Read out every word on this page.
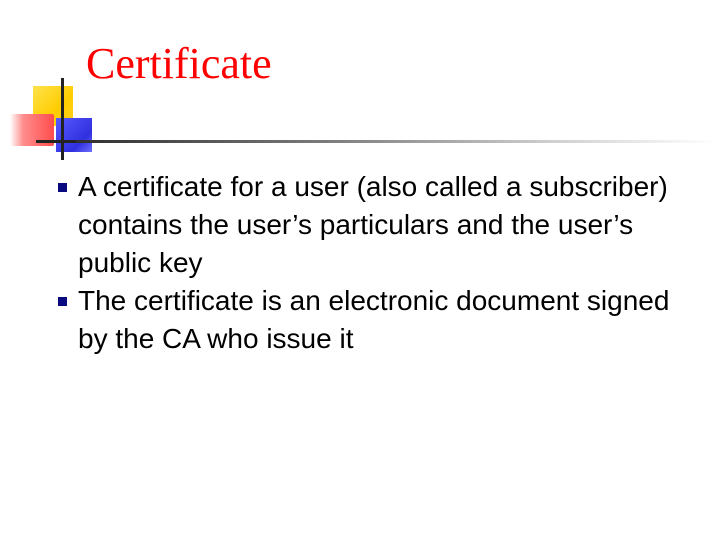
Certificate
A certificate for a user (also called a subscriber) contains the user’s particulars and the user’s public key
The certificate is an electronic document signed by the CA who issue it
